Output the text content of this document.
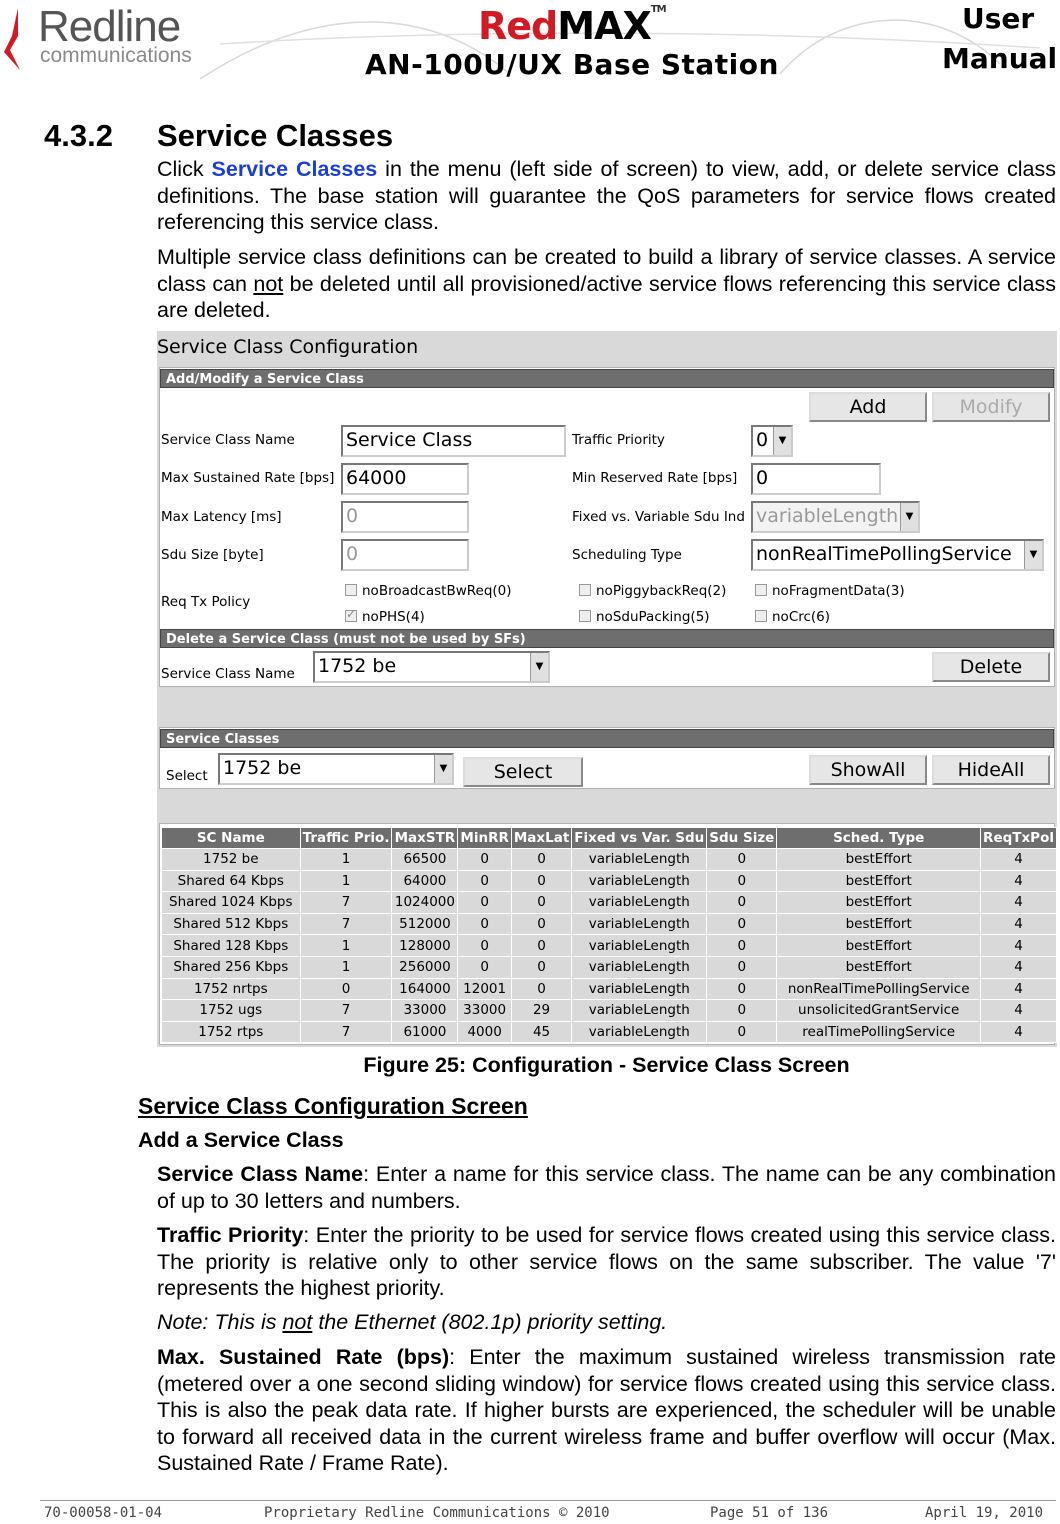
Redline
communications
RedMAX™
AN-100U/UX Base Station
User
Manual
4.3.2 Service Classes
Click Service Classes in the menu (left side of screen) to view, add, or delete service class definitions. The base station will guarantee the QoS parameters for service flows created referencing this service class.
Multiple service class definitions can be created to build a library of service classes. A service class can not be deleted until all provisioned/active service flows referencing this service class are deleted.
Service Class Configuration
Add/Modify a Service Class
Add	Modify
Service Class Name	Service Class	Traffic Priority	0	▼
Max Sustained Rate [bps] 64000	Min Reserved Rate [bps] 0
Max Latency [ms]	0	Fixed vs. Variable Sdu Ind variableLength ▼
Sdu Size [byte]	0	Scheduling Type	nonRealTimePollingService	▼
Req Tx Policy
noBroadcastBwReq(0)	noPiggybackReq(2)	noFragmentData(3)
✓noPHS(4)	noSduPacking(5)	noCrc(6)
Delete a Service Class (must not be used by SFs)
Service Class Name 1752 be	▼	Delete
Service Classes
Select 1752 be	▼	Select	ShowAll	HideAll
SC Name	Traffic Prio.	MaxSTR	MinRR	MaxLat	Fixed vs Var. Sdu	Sdu Size	Sched. Type	ReqTxPol
1752 be	1	66500	0	0	variableLength	0	bestEffort	4
Shared 64 Kbps	1	64000	0	0	variableLength	0	bestEffort	4
Shared 1024 Kbps	7	1024000	0	0	variableLength	0	bestEffort	4
Shared 512 Kbps	7	512000	0	0	variableLength	0	bestEffort	4
Shared 128 Kbps	1	128000	0	0	variableLength	0	bestEffort	4
Shared 256 Kbps	1	256000	0	0	variableLength	0	bestEffort	4
1752 nrtps	0	164000	12001	0	variableLength	0	nonRealTimePollingService	4
1752 ugs	7	33000	33000	29	variableLength	0	unsolicitedGrantService	4
1752 rtps	7	61000	4000	45	variableLength	0	realTimePollingService	4
Figure 25: Configuration - Service Class Screen
Service Class Configuration Screen
Add a Service Class
Service Class Name: Enter a name for this service class. The name can be any combination of up to 30 letters and numbers.
Traffic Priority: Enter the priority to be used for service flows created using this service class. The priority is relative only to other service flows on the same subscriber. The value '7' represents the highest priority.
Note: This is not the Ethernet (802.1p) priority setting.
Max. Sustained Rate (bps): Enter the maximum sustained wireless transmission rate (metered over a one second sliding window) for service flows created using this service class. This is also the peak data rate. If higher bursts are experienced, the scheduler will be unable to forward all received data in the current wireless frame and buffer overflow will occur (Max. Sustained Rate / Frame Rate).
70-00058-01-04	Proprietary Redline Communications © 2010	Page 51 of 136	April 19, 2010
